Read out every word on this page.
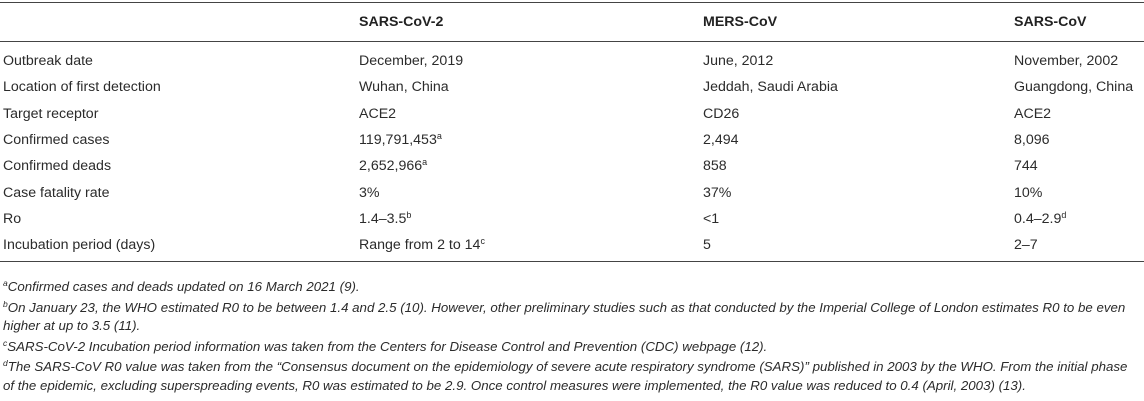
	SARS-CoV-2	MERS-CoV	SARS-CoV
Outbreak date	December, 2019	June, 2012	November, 2002
Location of first detection	Wuhan, China	Jeddah, Saudi Arabia	Guangdong, China
Target receptor	ACE2	CD26	ACE2
Confirmed cases	119,791,453$^a$	2,494	8,096
Confirmed deads	2,652,966$^a$	858	744
Case fatality rate	3%	37%	10%
Ro	1.4–3.5$^b$	<1	0.4–2.9$^d$
Incubation period (days)	Range from 2 to 14$^c$	5	2–7
$^a$Confirmed cases and deads updated on 16 March 2021 (9).
$^b$On January 23, the WHO estimated R0 to be between 1.4 and 2.5 (10). However, other preliminary studies such as that conducted by the Imperial College of London estimates R0 to be even higher at up to 3.5 (11).
$^c$SARS-CoV-2 Incubation period information was taken from the Centers for Disease Control and Prevention (CDC) webpage (12).
$^d$The SARS-CoV R0 value was taken from the “Consensus document on the epidemiology of severe acute respiratory syndrome (SARS)” published in 2003 by the WHO. From the initial phase of the epidemic, excluding superspreading events, R0 was estimated to be 2.9. Once control measures were implemented, the R0 value was reduced to 0.4 (April, 2003) (13).
